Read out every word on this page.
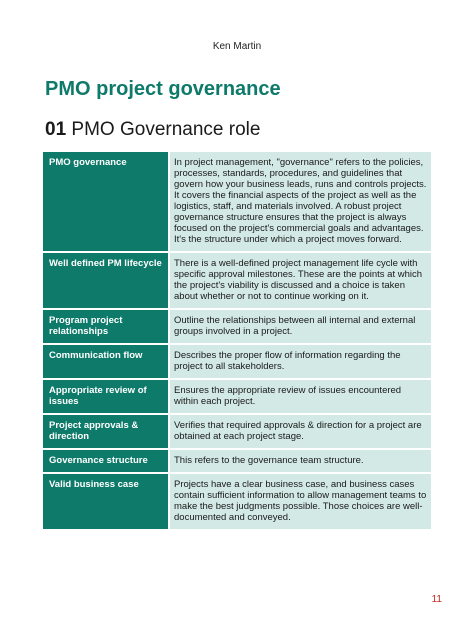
Ken Martin
PMO project governance
01 PMO Governance role
PMO governance	In project management, "governance" refers to the policies, processes, standards, procedures, and guidelines that govern how your business leads, runs and controls projects. It covers the financial aspects of the project as well as the logistics, staff, and materials involved. A robust project governance structure ensures that the project is always focused on the project's commercial goals and advantages. It's the structure under which a project moves forward.
Well defined PM lifecycle	There is a well-defined project management life cycle with specific approval milestones. These are the points at which the project's viability is discussed and a choice is taken about whether or not to continue working on it.
Program project relationships	Outline the relationships between all internal and external groups involved in a project.
Communication flow	Describes the proper flow of information regarding the project to all stakeholders.
Appropriate review of issues	Ensures the appropriate review of issues encountered within each project.
Project approvals & direction	Verifies that required approvals & direction for a project are obtained at each project stage.
Governance structure	This refers to the governance team structure.
Valid business case	Projects have a clear business case, and business cases contain sufficient information to allow management teams to make the best judgments possible. Those choices are well-documented and conveyed.
11
